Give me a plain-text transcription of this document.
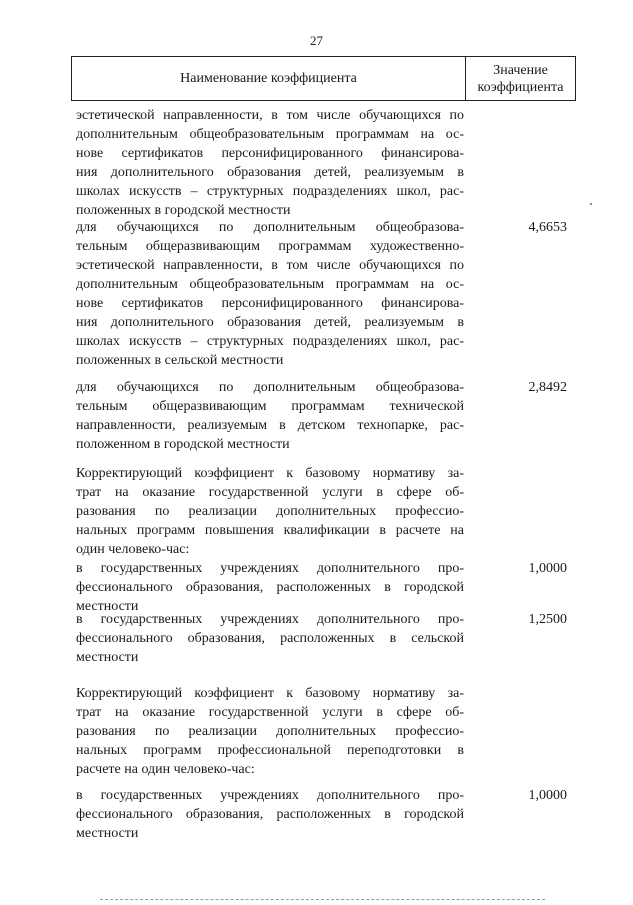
27
Наименование коэффициента
Значение
коэффициента
эстетической направленности, в том числе обучающихся по
дополнительным общеобразовательным программам на ос-
нове сертификатов персонифицированного финансирова-
ния дополнительного образования детей, реализуемым в
школах искусств – структурных подразделениях школ, рас-
положенных в городской местности
для обучающихся по дополнительным общеобразова-
тельным общеразвивающим программам художественно-
эстетической направленности, в том числе обучающихся по
дополнительным общеобразовательным программам на ос-
нове сертификатов персонифицированного финансирова-
ния дополнительного образования детей, реализуемым в
школах искусств – структурных подразделениях школ, рас-
положенных в сельской местности
4,6653
для обучающихся по дополнительным общеобразова-
тельным общеразвивающим программам технической
направленности, реализуемым в детском технопарке, рас-
положенном в городской местности
2,8492
Корректирующий коэффициент к базовому нормативу за-
трат на оказание государственной услуги в сфере об-
разования по реализации дополнительных профессио-
нальных программ повышения квалификации в расчете на
один человеко-час:
в государственных учреждениях дополнительного про-
фессионального образования, расположенных в городской
местности
1,0000
в государственных учреждениях дополнительного про-
фессионального образования, расположенных в сельской
местности
1,2500
Корректирующий коэффициент к базовому нормативу за-
трат на оказание государственной услуги в сфере об-
разования по реализации дополнительных профессио-
нальных программ профессиональной переподготовки в
расчете на один человеко-час:
в государственных учреждениях дополнительного про-
фессионального образования, расположенных в городской
местности
1,0000
